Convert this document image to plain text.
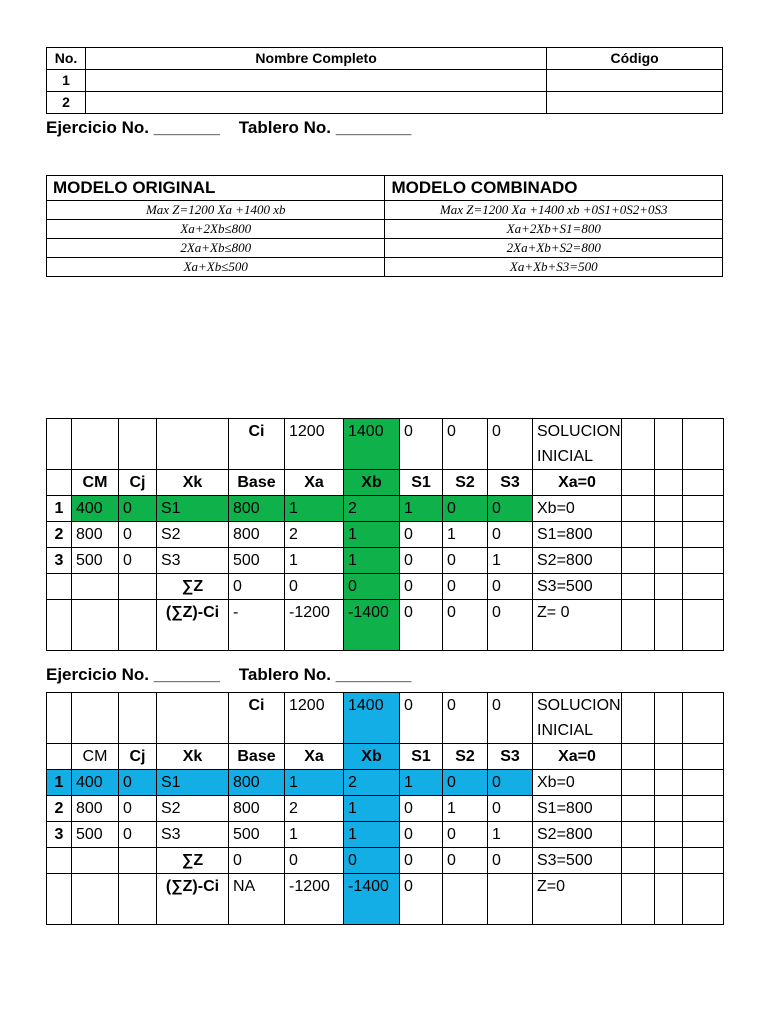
No.	Nombre Completo	Código
1		
2		
Ejercicio No. _______    Tablero No. ________
MODELO ORIGINAL	MODELO COMBINADO
Max Z=1200 Xa +1400 xb	Max Z=1200 Xa +1400 xb +0S1+0S2+0S3
Xa+2Xb≤800	Xa+2Xb+S1=800
2Xa+Xb≤800	2Xa+Xb+S2=800
Xa+Xb≤500	Xa+Xb+S3=500
				Ci	1200	1400	0	0	0	SOLUCION INICIAL			
	CM	Cj	Xk	Base	Xa	Xb	S1	S2	S3	Xa=0			
1	400	0	S1	800	1	2	1	0	0	Xb=0			
2	800	0	S2	800	2	1	0	1	0	S1=800			
3	500	0	S3	500	1	1	0	0	1	S2=800			
			∑Z	0	0	0	0	0	0	S3=500			
			(∑Z)-Ci	-	-1200	-1400	0	0	0	Z= 0			
Ejercicio No. _______    Tablero No. ________
				Ci	1200	1400	0	0	0	SOLUCION INICIAL			
	CM	Cj	Xk	Base	Xa	Xb	S1	S2	S3	Xa=0			
1	400	0	S1	800	1	2	1	0	0	Xb=0			
2	800	0	S2	800	2	1	0	1	0	S1=800			
3	500	0	S3	500	1	1	0	0	1	S2=800			
			∑Z	0	0	0	0	0	0	S3=500			
			(∑Z)-Ci	NA	-1200	-1400	0			Z=0			
